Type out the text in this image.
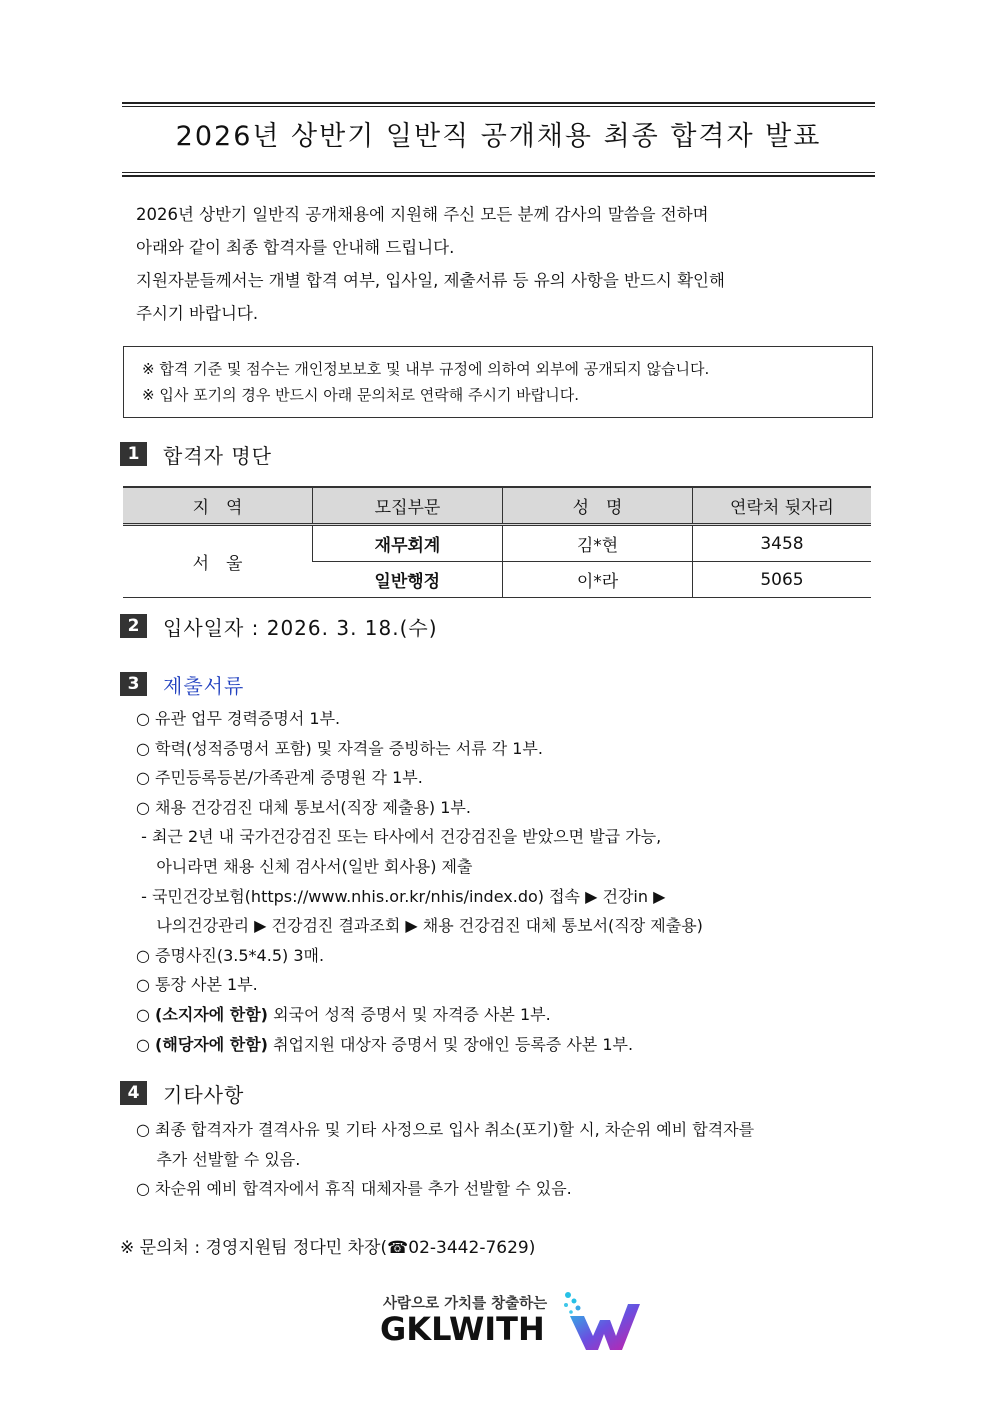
2026년 상반기 일반직 공개채용 최종 합격자 발표
2026년 상반기 일반직 공개채용에 지원해 주신 모든 분께 감사의 말씀을 전하며
아래와 같이 최종 합격자를 안내해 드립니다.
지원자분들께서는 개별 합격 여부, 입사일, 제출서류 등 유의 사항을 반드시 확인해
주시기 바랍니다.
※ 합격 기준 및 점수는 개인정보보호 및 내부 규정에 의하여 외부에 공개되지 않습니다.
※ 입사 포기의 경우 반드시 아래 문의처로 연락해 주시기 바랍니다.
1	합격자 명단
지　역	모집부문	성　명	연락처 뒷자리
서　울	재무회계	김*현	3458
	일반행정	이*라	5065
2	입사일자 : 2026. 3. 18.(수)
3	제출서류
○ 유관 업무 경력증명서 1부.
○ 학력(성적증명서 포함) 및 자격을 증빙하는 서류 각 1부.
○ 주민등록등본/가족관계 증명원 각 1부.
○ 채용 건강검진 대체 통보서(직장 제출용) 1부.
- 최근 2년 내 국가건강검진 또는 타사에서 건강검진을 받았으면 발급 가능,
아니라면 채용 신체 검사서(일반 회사용) 제출
- 국민건강보험(https://www.nhis.or.kr/nhis/index.do) 접속 ▶ 건강in ▶
나의건강관리 ▶ 건강검진 결과조회 ▶ 채용 건강검진 대체 통보서(직장 제출용)
○ 증명사진(3.5*4.5) 3매.
○ 통장 사본 1부.
○ (소지자에 한함) 외국어 성적 증명서 및 자격증 사본 1부.
○ (해당자에 한함) 취업지원 대상자 증명서 및 장애인 등록증 사본 1부.
4	기타사항
○ 최종 합격자가 결격사유 및 기타 사정으로 입사 취소(포기)할 시, 차순위 예비 합격자를
추가 선발할 수 있음.
○ 차순위 예비 합격자에서 휴직 대체자를 추가 선발할 수 있음.
※ 문의처 : 경영지원팀 정다민 차장(☎02-3442-7629)
사람으로 가치를 창출하는
GKLWITH
